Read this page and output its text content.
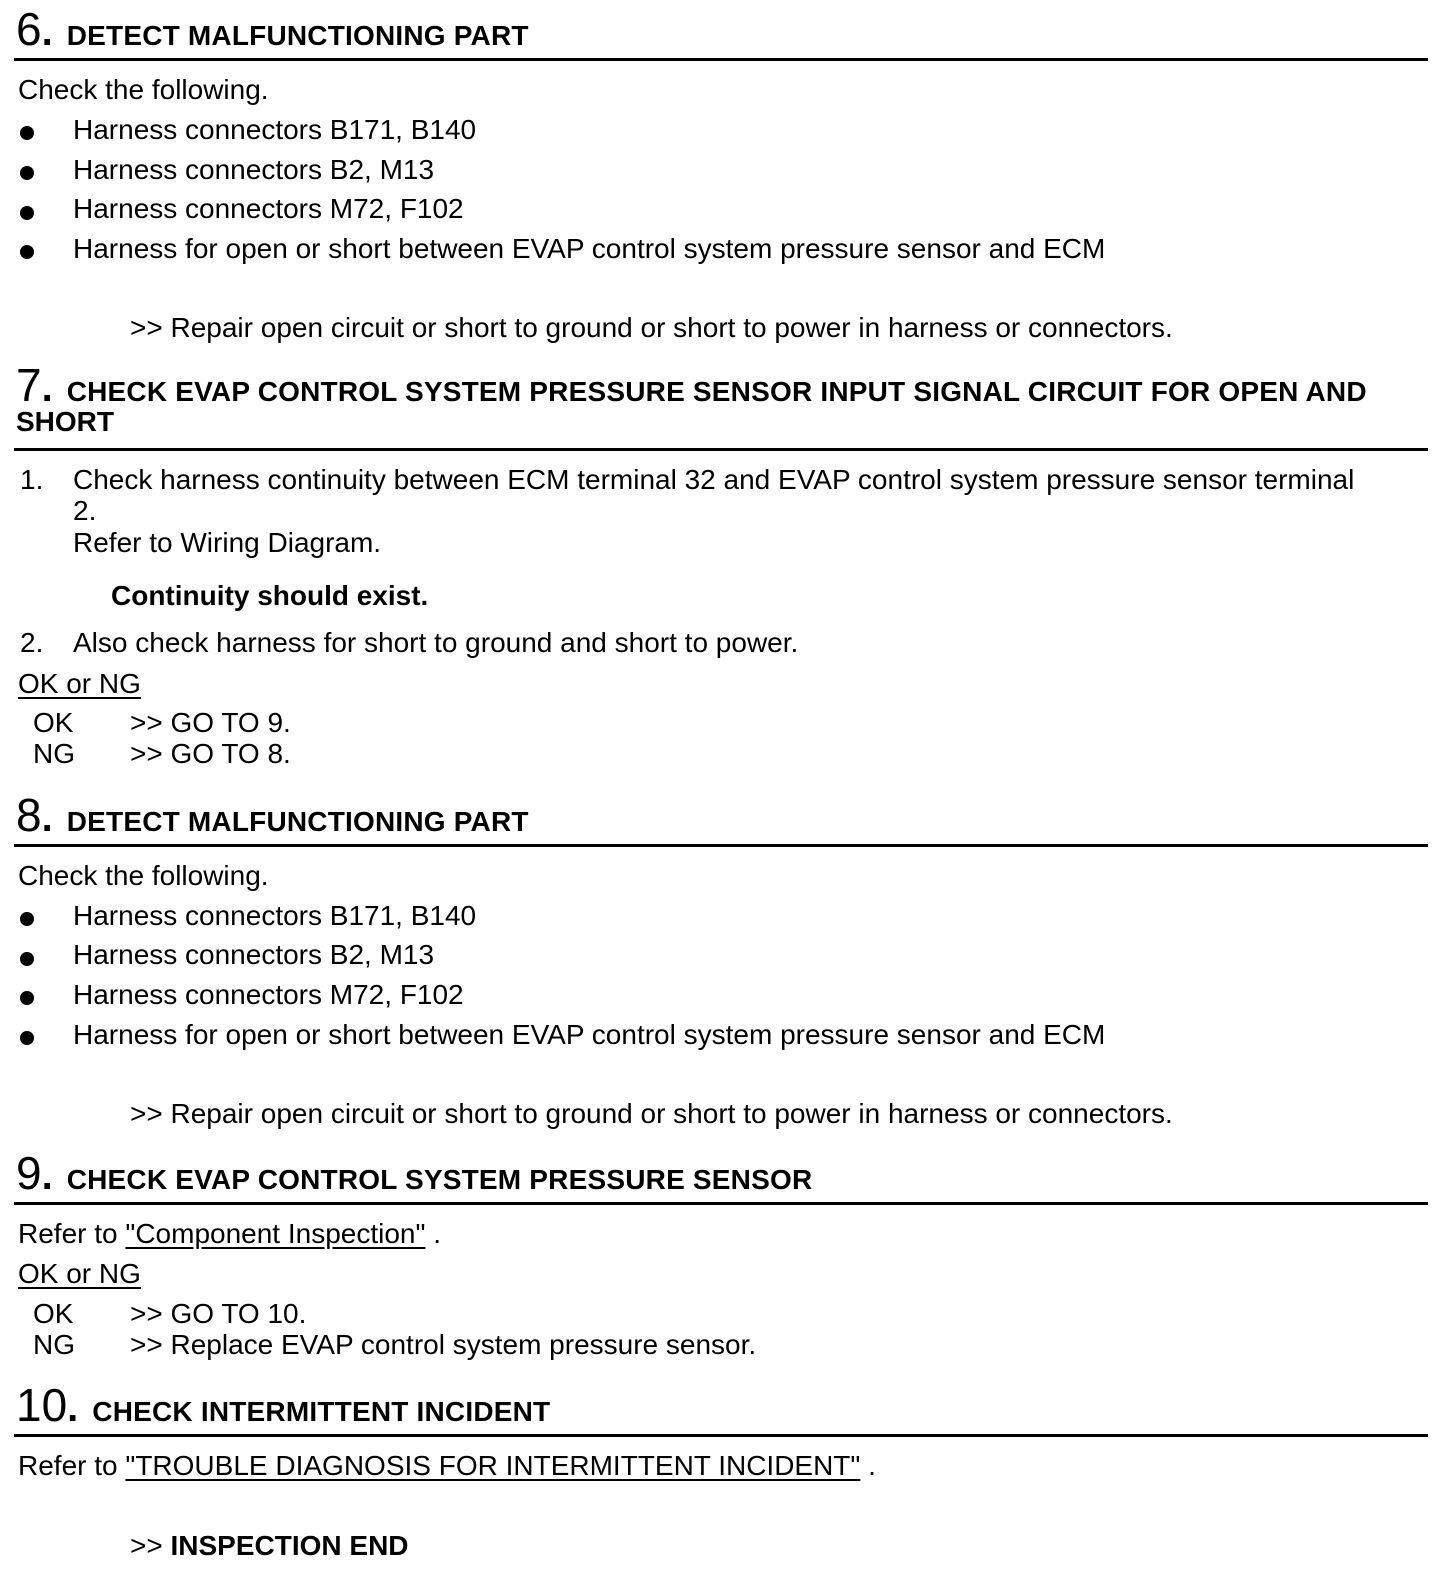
6. DETECT MALFUNCTIONING PART
Check the following.
Harness connectors B171, B140
Harness connectors B2, M13
Harness connectors M72, F102
Harness for open or short between EVAP control system pressure sensor and ECM
>> Repair open circuit or short to ground or short to power in harness or connectors.
7. CHECK EVAP CONTROL SYSTEM PRESSURE SENSOR INPUT SIGNAL CIRCUIT FOR OPEN AND
SHORT
1. Check harness continuity between ECM terminal 32 and EVAP control system pressure sensor terminal
2.
Refer to Wiring Diagram.
Continuity should exist.
2. Also check harness for short to ground and short to power.
OK or NG
OK >> GO TO 9.
NG >> GO TO 8.
8. DETECT MALFUNCTIONING PART
Check the following.
Harness connectors B171, B140
Harness connectors B2, M13
Harness connectors M72, F102
Harness for open or short between EVAP control system pressure sensor and ECM
>> Repair open circuit or short to ground or short to power in harness or connectors.
9. CHECK EVAP CONTROL SYSTEM PRESSURE SENSOR
Refer to "Component Inspection" .
OK or NG
OK >> GO TO 10.
NG >> Replace EVAP control system pressure sensor.
10. CHECK INTERMITTENT INCIDENT
Refer to "TROUBLE DIAGNOSIS FOR INTERMITTENT INCIDENT" .
>> INSPECTION END
